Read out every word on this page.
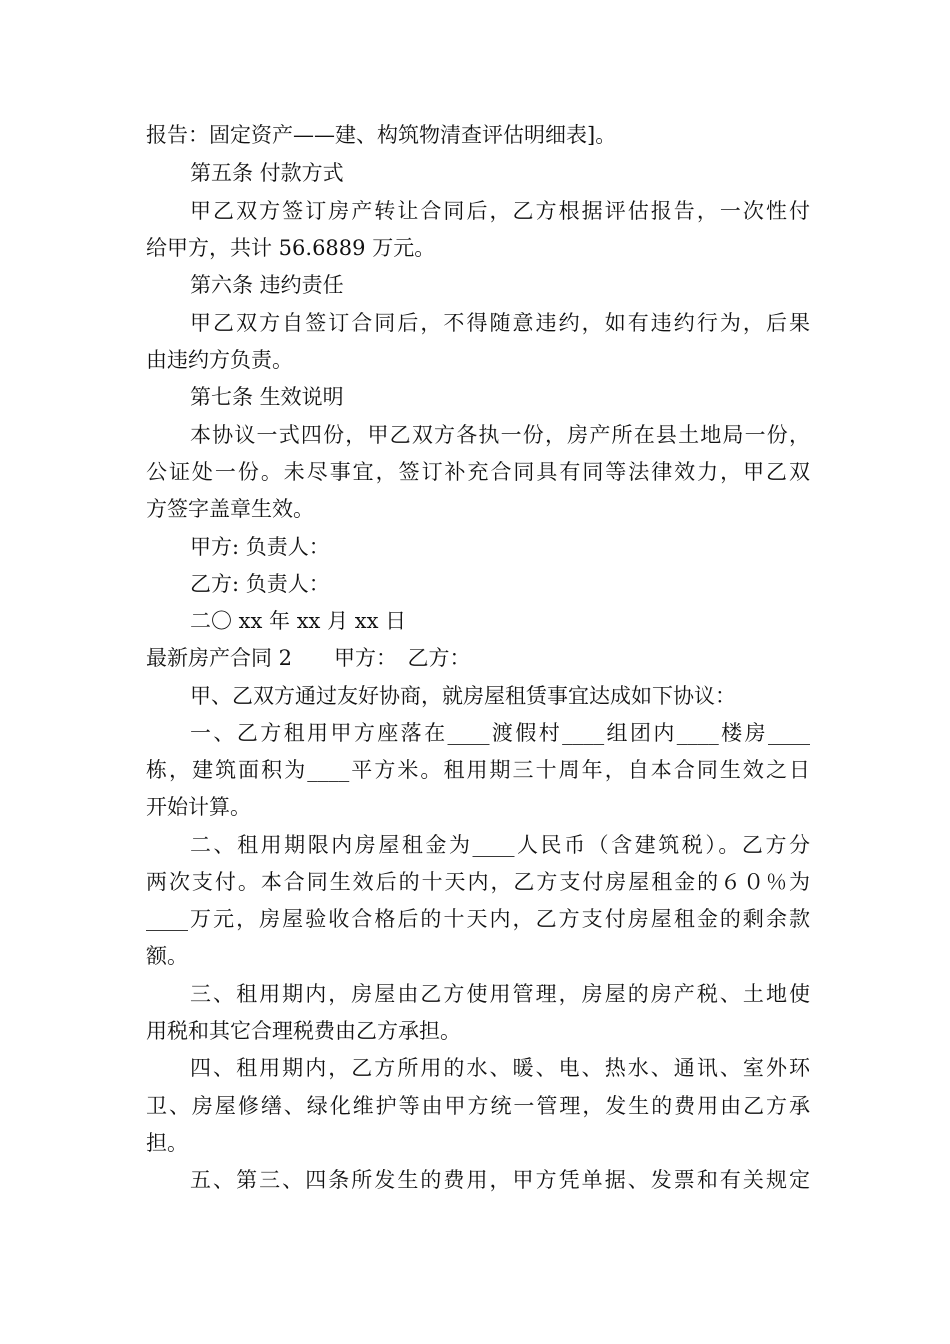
报告：固定资产——建、构筑物清查评估明细表]。

第五条 付款方式

甲乙双方签订房产转让合同后，乙方根据评估报告，一次性付

给甲方，共计 56.6889 万元。

第六条 违约责任

甲乙双方自签订合同后，不得随意违约，如有违约行为，后果

由违约方负责。

第七条 生效说明

本协议一式四份，甲乙双方各执一份，房产所在县土地局一份，

公证处一份。未尽事宜，签订补充合同具有同等法律效力，甲乙双

方签字盖章生效。

甲方: 负责人：

乙方: 负责人：

二〇 xx 年 xx 月 xx 日

最新房产合同 2　　甲方：　乙方：

甲、乙双方通过友好协商，就房屋租赁事宜达成如下协议：

一、乙方租用甲方座落在____渡假村____组团内____楼房____

栋，建筑面积为____平方米。租用期三十周年，自本合同生效之日

开始计算。

二、租用期限内房屋租金为____人民币（含建筑税）。乙方分

两次支付。本合同生效后的十天内，乙方支付房屋租金的６０％为

____万元，房屋验收合格后的十天内，乙方支付房屋租金的剩余款

额。

三、租用期内，房屋由乙方使用管理，房屋的房产税、土地使

用税和其它合理税费由乙方承担。

四、租用期内，乙方所用的水、暖、电、热水、通讯、室外环

卫、房屋修缮、绿化维护等由甲方统一管理，发生的费用由乙方承

担。

五、第三、四条所发生的费用，甲方凭单据、发票和有关规定
